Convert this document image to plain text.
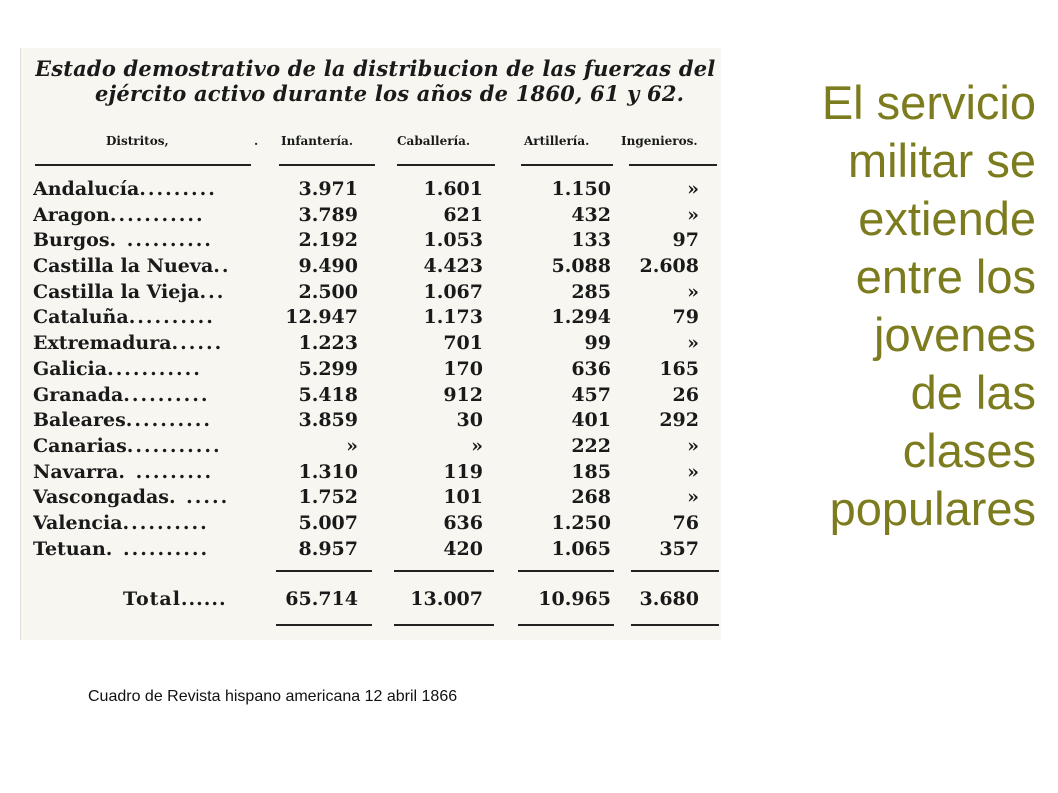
Estado demostrativo de la distribucion de las fuerzas del
ejército activo durante los años de 1860, 61 y 62.
Distritos,	. Infantería.	Caballería.	Artillería.	Ingenieros.
Andalucía.........	3.971	1.601	1.150	»
Aragon...........	3.789	621	432	»
Burgos. ..........	2.192	1.053	133	97
Castilla la Nueva..	9.490	4.423	5.088 2.608
Castilla la Vieja...	2.500	1.067	285	»
Cataluña..........	12.947	1.173	1.294	79
Extremadura......	1.223	701	99	»
Galicia...........	5.299	170	636	165
Granada..........	5.418	912	457	26
Baleares..........	3.859	30	401	292
Canarias...........	»	»	222	»
Navarra. .........	1.310	119	185	»
Vascongadas. .....	1.752	101	268	»
Valencia..........	5.007	636	1.250	76
Tetuan. ..........	8.957	420	1.065	357
Total......	65.714	13.007	10.965 3.680
El servicio
militar se
extiende
entre los
jovenes
de las
clases
populares
Cuadro de Revista hispano americana 12 abril 1866
